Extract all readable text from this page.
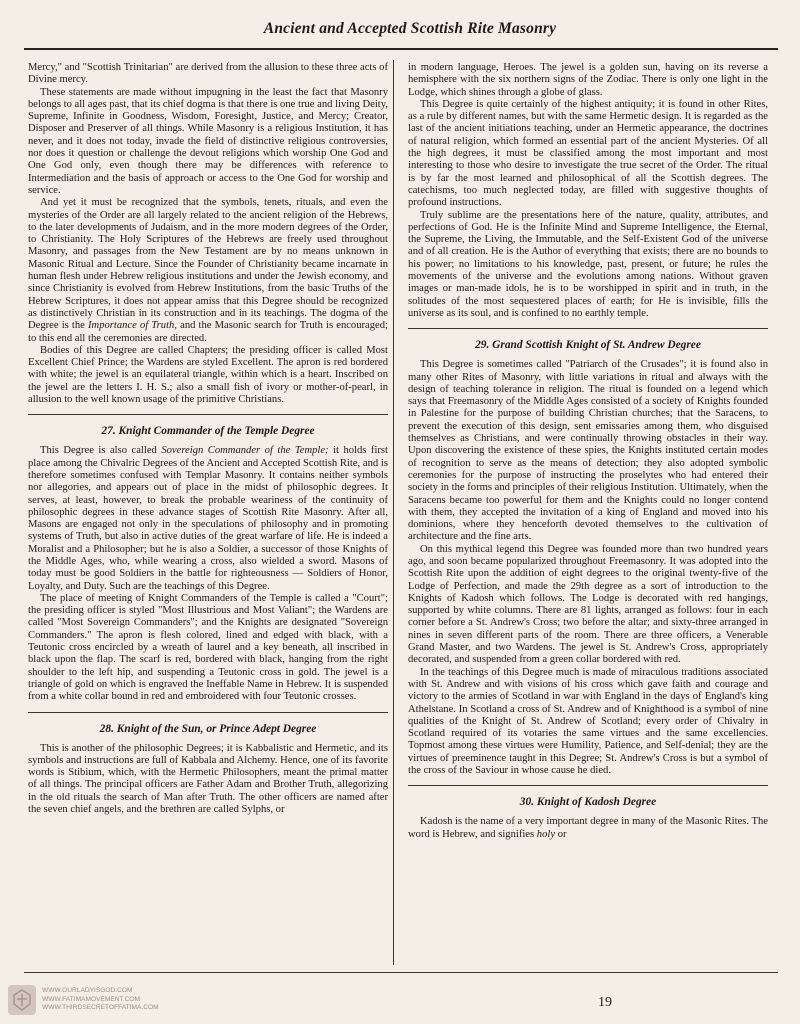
Ancient and Accepted Scottish Rite Masonry

Mercy," and "Scottish Trinitarian" are derived from the allusion to these three acts of Divine mercy.

These statements are made without impugning in the least the fact that Masonry belongs to all ages past, that its chief dogma is that there is one true and living Deity, Supreme, Infinite in Goodness, Wisdom, Foresight, Justice, and Mercy; Creator, Disposer and Preserver of all things. While Masonry is a religious Institution, it has never, and it does not today, invade the field of distinctive religious controversies, nor does it question or challenge the devout religions which worship One God and One God only, even though there may be differences with reference to Intermediation and the basis of approach or access to the One God for worship and service.

And yet it must be recognized that the symbols, tenets, rituals, and even the mysteries of the Order are all largely related to the ancient religion of the Hebrews, to the later developments of Judaism, and in the more modern degrees of the Order, to Christianity. The Holy Scriptures of the Hebrews are freely used throughout Masonry, and passages from the New Testament are by no means unknown in Masonic Ritual and Lecture. Since the Founder of Christianity became incarnate in human flesh under Hebrew religious institutions and under the Jewish economy, and since Christianity is evolved from Hebrew Institutions, from the basic Truths of the Hebrew Scriptures, it does not appear amiss that this Degree should be recognized as distinctively Christian in its construction and in its teachings. The dogma of the Degree is the Importance of Truth, and the Masonic search for Truth is encouraged; to this end all the ceremonies are directed.

Bodies of this Degree are called Chapters; the presiding officer is called Most Excellent Chief Prince; the Wardens are styled Excellent. The apron is red bordered with white; the jewel is an equilateral triangle, within which is a heart. Inscribed on the jewel are the letters I. H. S.; also a small fish of ivory or mother-of-pearl, in allusion to the well known usage of the primitive Christians.

27. Knight Commander of the Temple Degree

This Degree is also called Sovereign Commander of the Temple; it holds first place among the Chivalric Degrees of the Ancient and Accepted Scottish Rite, and is therefore sometimes confused with Templar Masonry. It contains neither symbols nor allegories, and appears out of place in the midst of philosophic degrees. It serves, at least, however, to break the probable weariness of the continuity of philosophic degrees in these advance stages of Scottish Rite Masonry. After all, Masons are engaged not only in the speculations of philosophy and in promoting systems of Truth, but also in active duties of the great warfare of life. He is indeed a Moralist and a Philosopher; but he is also a Soldier, a successor of those Knights of the Middle Ages, who, while wearing a cross, also wielded a sword. Masons of today must be good Soldiers in the battle for righteousness — Soldiers of Honor, Loyalty, and Duty. Such are the teachings of this Degree.

The place of meeting of Knight Commanders of the Temple is called a "Court"; the presiding officer is styled "Most Illustrious and Most Valiant"; the Wardens are called "Most Sovereign Commanders"; and the Knights are designated "Sovereign Commanders." The apron is flesh colored, lined and edged with black, with a Teutonic cross encircled by a wreath of laurel and a key beneath, all inscribed in black upon the flap. The scarf is red, bordered with black, hanging from the right shoulder to the left hip, and suspending a Teutonic cross in gold. The jewel is a triangle of gold on which is engraved the Ineffable Name in Hebrew. It is suspended from a white collar bound in red and embroidered with four Teutonic crosses.

28. Knight of the Sun, or Prince Adept Degree

This is another of the philosophic Degrees; it is Kabbalistic and Hermetic, and its symbols and instructions are full of Kabbala and Alchemy. Hence, one of its favorite words is Stibium, which, with the Hermetic Philosophers, meant the primal matter of all things. The principal officers are Father Adam and Brother Truth, allegorizing in the old rituals the search of Man after Truth. The other officers are named after the seven chief angels, and the brethren are called Sylphs, or

in modern language, Heroes. The jewel is a golden sun, having on its reverse a hemisphere with the six northern signs of the Zodiac. There is only one light in the Lodge, which shines through a globe of glass.

This Degree is quite certainly of the highest antiquity; it is found in other Rites, as a rule by different names, but with the same Hermetic design. It is regarded as the last of the ancient initiations teaching, under an Hermetic appearance, the doctrines of natural religion, which formed an essential part of the ancient Mysteries. Of all the high degrees, it must be classified among the most important and most interesting to those who desire to investigate the true secret of the Order. The ritual is by far the most learned and philosophical of all the Scottish degrees. The catechisms, too much neglected today, are filled with suggestive thoughts of profound instructions.

Truly sublime are the presentations here of the nature, quality, attributes, and perfections of God. He is the Infinite Mind and Supreme Intelligence, the Eternal, the Supreme, the Living, the Immutable, and the Self-Existent God of the universe and of all creation. He is the Author of everything that exists; there are no bounds to his power; no limitations to his knowledge, past, present, or future; he rules the movements of the universe and the evolutions among nations. Without graven images or man-made idols, he is to be worshipped in spirit and in truth, in the solitudes of the most sequestered places of earth; for He is invisible, fills the universe as its soul, and is confined to no earthly temple.

29. Grand Scottish Knight of St. Andrew Degree

This Degree is sometimes called "Patriarch of the Crusades"; it is found also in many other Rites of Masonry, with little variations in ritual and always with the design of teaching tolerance in religion. The ritual is founded on a legend which says that Freemasonry of the Middle Ages consisted of a society of Knights founded in Palestine for the purpose of building Christian churches; that the Saracens, to prevent the execution of this design, sent emissaries among them, who disguised themselves as Christians, and were continually throwing obstacles in their way. Upon discovering the existence of these spies, the Knights instituted certain modes of recognition to serve as the means of detection; they also adopted symbolic ceremonies for the purpose of instructing the proselytes who had entered their society in the forms and principles of their religious Institution. Ultimately, when the Saracens became too powerful for them and the Knights could no longer contend with them, they accepted the invitation of a king of England and moved into his dominions, where they henceforth devoted themselves to the cultivation of architecture and the fine arts.

On this mythical legend this Degree was founded more than two hundred years ago, and soon became popularized throughout Freemasonry. It was adopted into the Scottish Rite upon the addition of eight degrees to the original twenty-five of the Lodge of Perfection, and made the 29th degree as a sort of introduction to the Knights of Kadosh which follows. The Lodge is decorated with red hangings, supported by white columns. There are 81 lights, arranged as follows: four in each corner before a St. Andrew's Cross; two before the altar; and sixty-three arranged in nines in seven different parts of the room. There are three officers, a Venerable Grand Master, and two Wardens. The jewel is St. Andrew's Cross, appropriately decorated, and suspended from a green collar bordered with red.

In the teachings of this Degree much is made of miraculous traditions associated with St. Andrew and with visions of his cross which gave faith and courage and victory to the armies of Scotland in war with England in the days of England's king Athelstane. In Scotland a cross of St. Andrew and of Knighthood is a symbol of nine qualities of the Knight of St. Andrew of Scotland; every order of Chivalry in Scotland required of its votaries the same virtues and the same excellencies. Topmost among these virtues were Humility, Patience, and Self-denial; they are the virtues of preeminence taught in this Degree; St. Andrew's Cross is but a symbol of the cross of the Saviour in whose cause he died.

30. Knight of Kadosh Degree

Kadosh is the name of a very important degree in many of the Masonic Rites. The word is Hebrew, and signifies holy or

WWW.OURLADYISGOD.COM
WWW.FATIMAMOVEMENT.COM
WWW.THIRDSECRETOFFATIMA.COM	19
